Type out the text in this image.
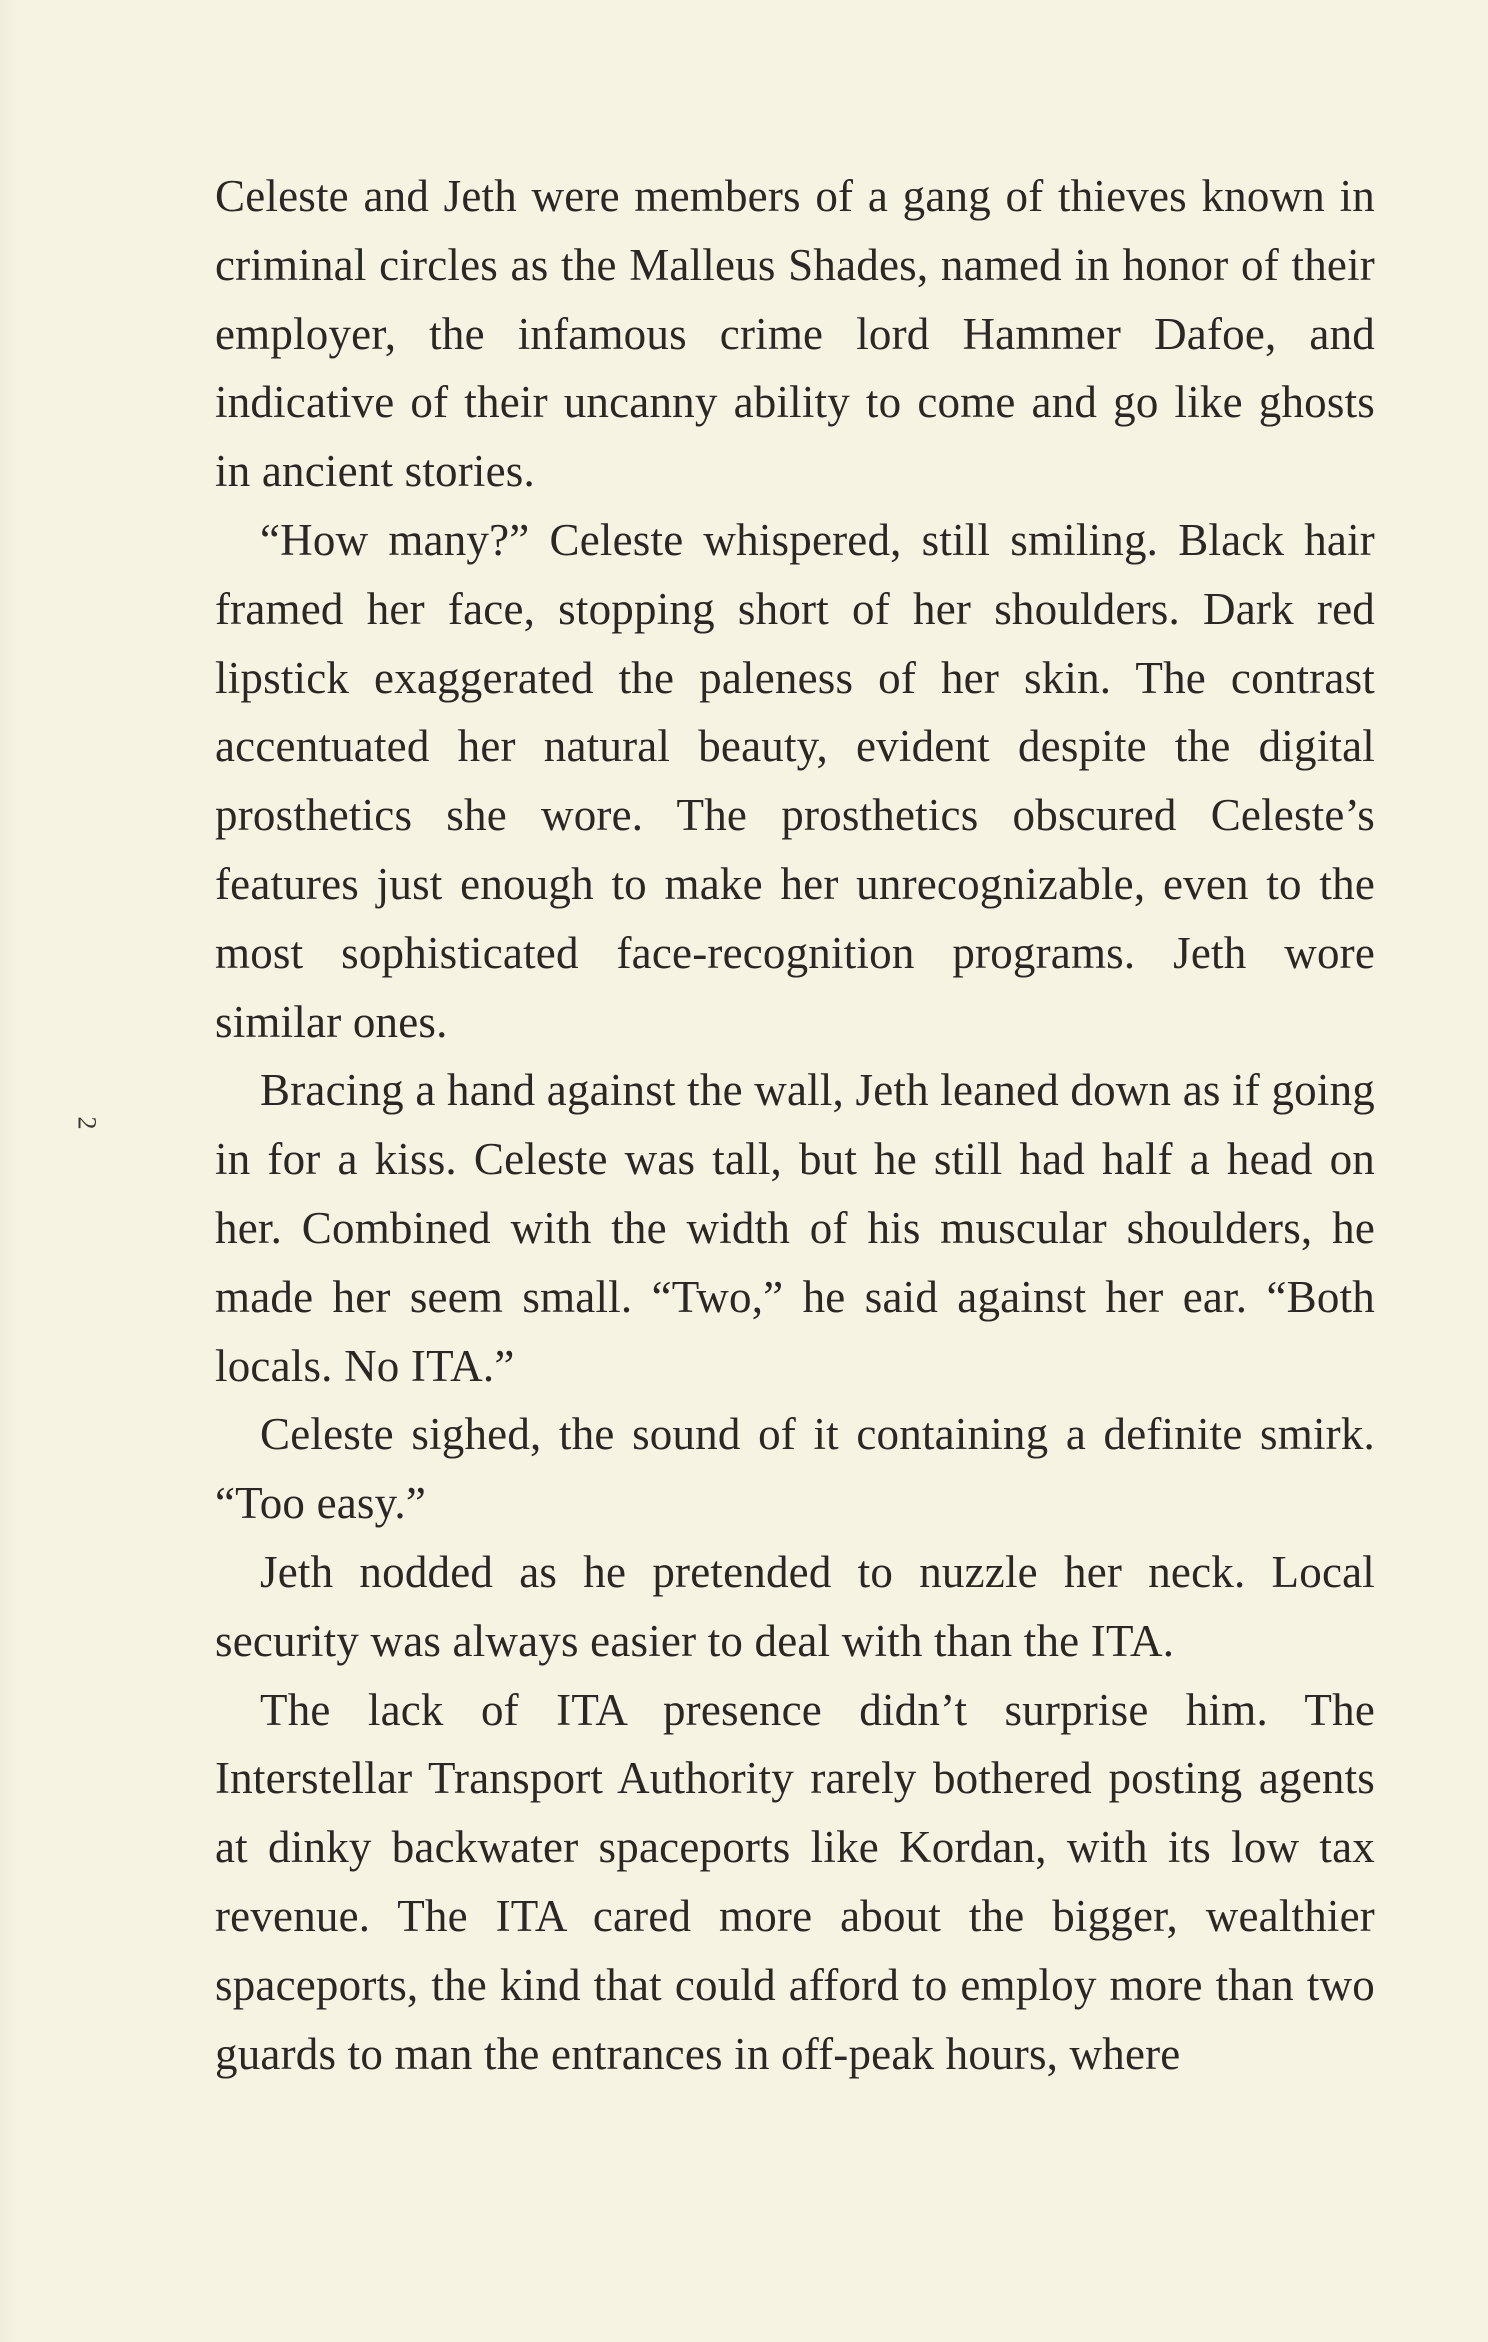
2

Celeste and Jeth were members of a gang of thieves known in criminal circles as the Malleus Shades, named in honor of their employer, the infamous crime lord Hammer Dafoe, and indicative of their uncanny ability to come and go like ghosts in ancient stories.

“How many?” Celeste whispered, still smiling. Black hair framed her face, stopping short of her shoulders. Dark red lipstick exaggerated the paleness of her skin. The contrast accentuated her natural beauty, evident despite the digital prosthetics she wore. The prosthetics obscured Celeste’s features just enough to make her unrecognizable, even to the most sophisticated face-recognition programs. Jeth wore similar ones.

Bracing a hand against the wall, Jeth leaned down as if going in for a kiss. Celeste was tall, but he still had half a head on her. Combined with the width of his muscular shoulders, he made her seem small. “Two,” he said against her ear. “Both locals. No ITA.”

Celeste sighed, the sound of it containing a definite smirk. “Too easy.”

Jeth nodded as he pretended to nuzzle her neck. Local security was always easier to deal with than the ITA.

The lack of ITA presence didn’t surprise him. The Interstellar Transport Authority rarely bothered posting agents at dinky backwater spaceports like Kordan, with its low tax revenue. The ITA cared more about the bigger, wealthier spaceports, the kind that could afford to employ more than two guards to man the entrances in off-peak hours, where
